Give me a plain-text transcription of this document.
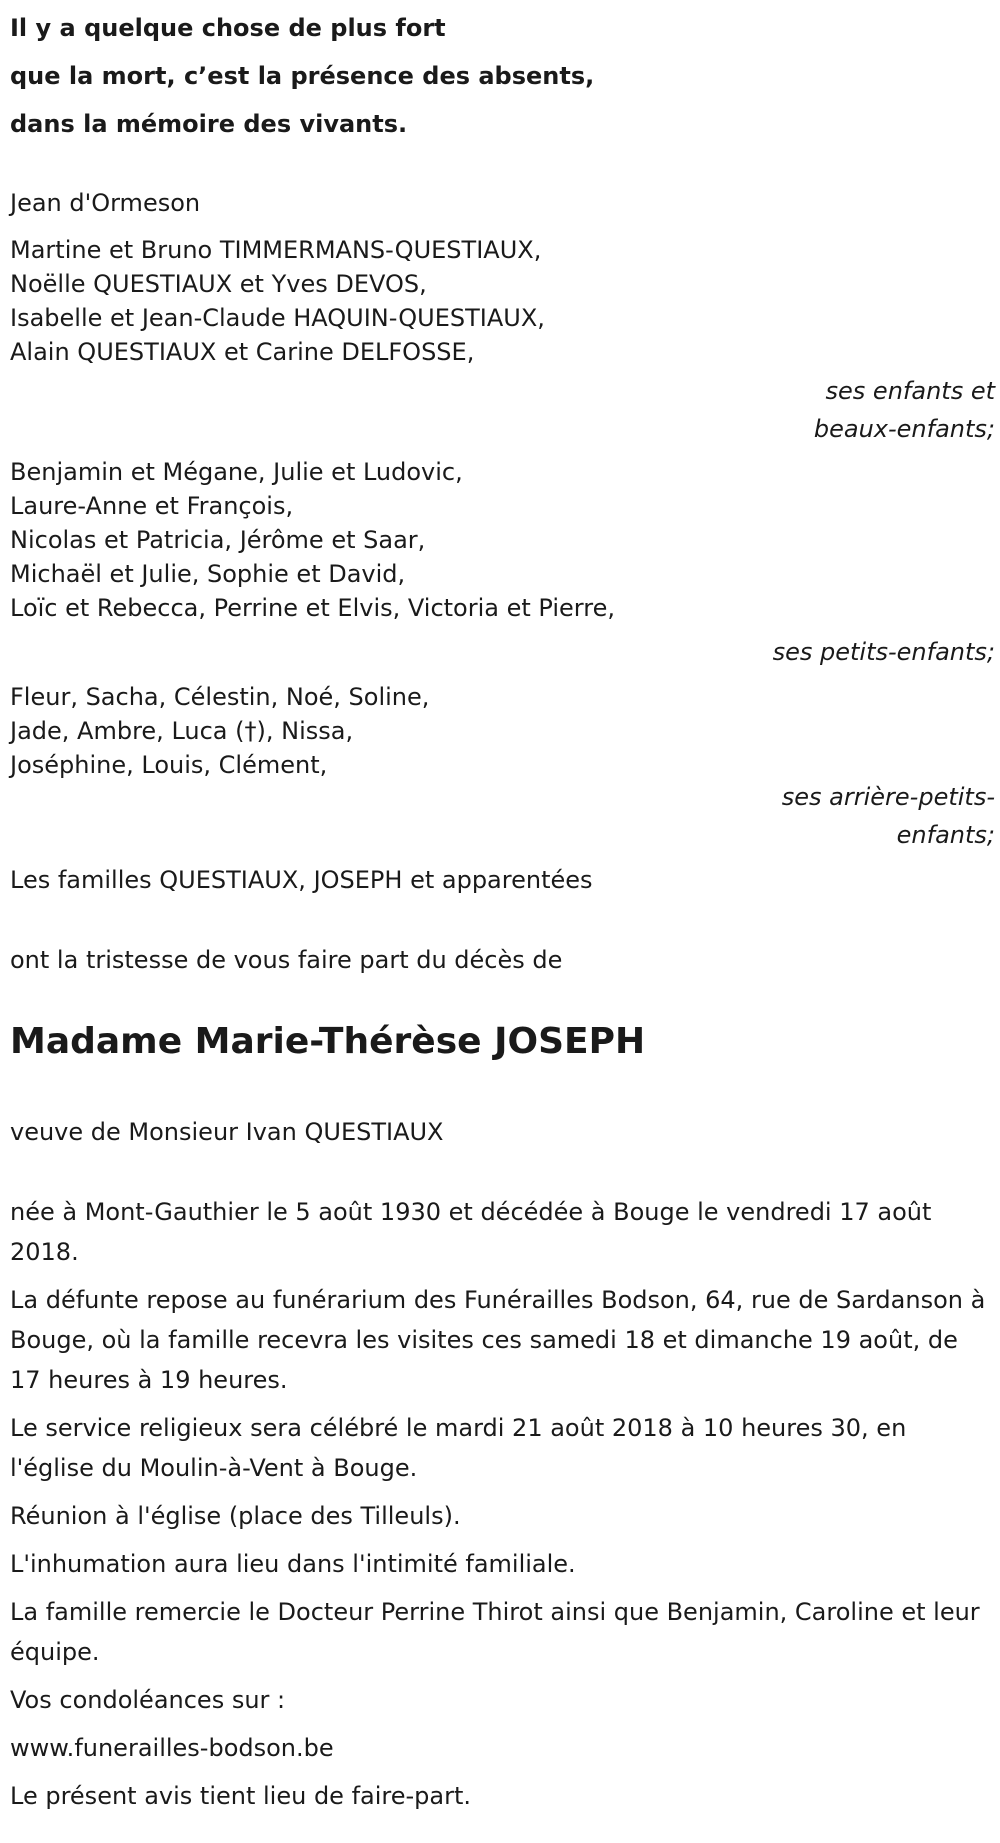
Il y a quelque chose de plus fort
que la mort, c’est la présence des absents,
dans la mémoire des vivants.
Jean d'Ormeson
Martine et Bruno TIMMERMANS-QUESTIAUX,
Noëlle QUESTIAUX et Yves DEVOS,
Isabelle et Jean-Claude HAQUIN-QUESTIAUX,
Alain QUESTIAUX et Carine DELFOSSE,
ses enfants et
beaux-enfants;
Benjamin et Mégane, Julie et Ludovic,
Laure-Anne et François,
Nicolas et Patricia, Jérôme et Saar,
Michaël et Julie, Sophie et David,
Loïc et Rebecca, Perrine et Elvis, Victoria et Pierre,
ses petits-enfants;
Fleur, Sacha, Célestin, Noé, Soline,
Jade, Ambre, Luca (†), Nissa,
Joséphine, Louis, Clément,
ses arrière-petits-
enfants;
Les familles QUESTIAUX, JOSEPH et apparentées
ont la tristesse de vous faire part du décès de
Madame Marie-Thérèse JOSEPH
veuve de Monsieur Ivan QUESTIAUX
née à Mont-Gauthier le 5 août 1930 et décédée à Bouge le vendredi 17 août 2018.
La défunte repose au funérarium des Funérailles Bodson, 64, rue de Sardanson à Bouge, où la famille recevra les visites ces samedi 18 et dimanche 19 août, de 17 heures à 19 heures.
Le service religieux sera célébré le mardi 21 août 2018 à 10 heures 30, en l'église du Moulin-à-Vent à Bouge.
Réunion à l'église (place des Tilleuls).
L'inhumation aura lieu dans l'intimité familiale.
La famille remercie le Docteur Perrine Thirot ainsi que Benjamin, Caroline et leur équipe.
Vos condoléances sur :
www.funerailles-bodson.be
Le présent avis tient lieu de faire-part.
